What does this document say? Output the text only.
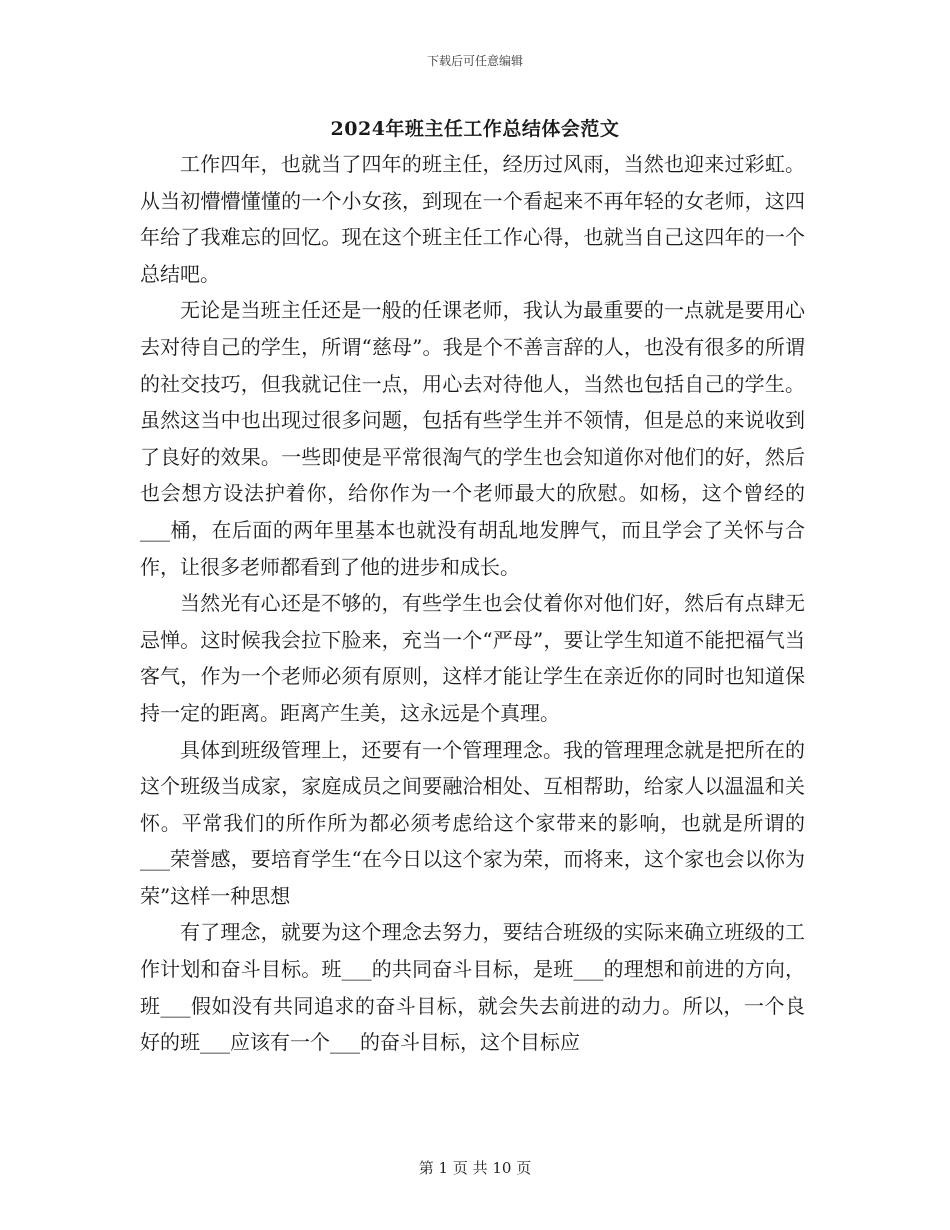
下载后可任意编辑
2024年班主任工作总结体会范文

工作四年，也就当了四年的班主任，经历过风雨，当然也迎来过彩虹。从当初懵懵懂懂的一个小女孩，到现在一个看起来不再年轻的女老师，这四年给了我难忘的回忆。现在这个班主任工作心得，也就当自己这四年的一个总结吧。

无论是当班主任还是一般的任课老师，我认为最重要的一点就是要用心去对待自己的学生，所谓“慈母”。我是个不善言辞的人，也没有很多的所谓的社交技巧，但我就记住一点，用心去对待他人，当然也包括自己的学生。虽然这当中也出现过很多问题，包括有些学生并不领情，但是总的来说收到了良好的效果。一些即使是平常很淘气的学生也会知道你对他们的好，然后也会想方设法护着你，给你作为一个老师最大的欣慰。如杨，这个曾经的___桶，在后面的两年里基本也就没有胡乱地发脾气，而且学会了关怀与合作，让很多老师都看到了他的进步和成长。

当然光有心还是不够的，有些学生也会仗着你对他们好，然后有点肆无忌惮。这时候我会拉下脸来，充当一个“严母”，要让学生知道不能把福气当客气，作为一个老师必须有原则，这样才能让学生在亲近你的同时也知道保持一定的距离。距离产生美，这永远是个真理。

具体到班级管理上，还要有一个管理理念。我的管理理念就是把所在的这个班级当成家，家庭成员之间要融洽相处、互相帮助，给家人以温温和关怀。平常我们的所作所为都必须考虑给这个家带来的影响，也就是所谓的___荣誉感，要培育学生“在今日以这个家为荣，而将来，这个家也会以你为荣”这样一种思想

有了理念，就要为这个理念去努力，要结合班级的实际来确立班级的工作计划和奋斗目标。班___的共同奋斗目标，是班___的理想和前进的方向，班___假如没有共同追求的奋斗目标，就会失去前进的动力。所以，一个良好的班___应该有一个___的奋斗目标，这个目标应

第 1 页 共 10 页
